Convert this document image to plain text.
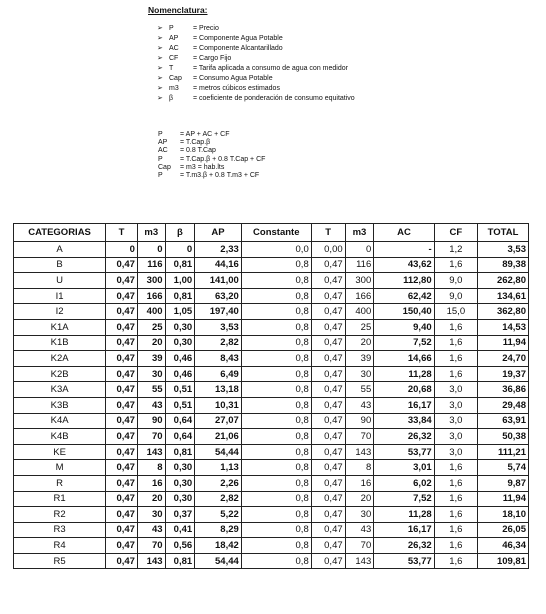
Nomenclatura:
➢ P	= Precio
➢ AP = Componente Agua Potable
➢ AC = Componente Alcantarillado
➢ CF = Cargo Fijo
➢ T	= Tarifa aplicada a consumo de agua con medidor
➢ Cap = Consumo Agua Potable
➢ m3 = metros cúbicos estimados
➢ β	= coeficiente de ponderación de consumo equitativo
P = AP + AC + CF
AP = T.Cap.β
AC = 0.8 T.Cap
P = T.Cap.β + 0.8 T.Cap + CF
Cap = m3 = hab.lts
P = T.m3.β + 0.8 T.m3 + CF
CATEGORIAS	T	m3	β	AP	Constante	T	m3	AC	CF	TOTAL
A	0	0	0	2,33	0,0	0,00	0	-	1,2	3,53
B	0,47	116	0,81	44,16	0,8	0,47	116	43,62	1,6	89,38
U	0,47	300	1,00	141,00	0,8	0,47	300	112,80	9,0	262,80
I1	0,47	166	0,81	63,20	0,8	0,47	166	62,42	9,0	134,61
I2	0,47	400	1,05	197,40	0,8	0,47	400	150,40	15,0	362,80
K1A	0,47	25	0,30	3,53	0,8	0,47	25	9,40	1,6	14,53
K1B	0,47	20	0,30	2,82	0,8	0,47	20	7,52	1,6	11,94
K2A	0,47	39	0,46	8,43	0,8	0,47	39	14,66	1,6	24,70
K2B	0,47	30	0,46	6,49	0,8	0,47	30	11,28	1,6	19,37
K3A	0,47	55	0,51	13,18	0,8	0,47	55	20,68	3,0	36,86
K3B	0,47	43	0,51	10,31	0,8	0,47	43	16,17	3,0	29,48
K4A	0,47	90	0,64	27,07	0,8	0,47	90	33,84	3,0	63,91
K4B	0,47	70	0,64	21,06	0,8	0,47	70	26,32	3,0	50,38
KE	0,47	143	0,81	54,44	0,8	0,47	143	53,77	3,0	111,21
M	0,47	8	0,30	1,13	0,8	0,47	8	3,01	1,6	5,74
R	0,47	16	0,30	2,26	0,8	0,47	16	6,02	1,6	9,87
R1	0,47	20	0,30	2,82	0,8	0,47	20	7,52	1,6	11,94
R2	0,47	30	0,37	5,22	0,8	0,47	30	11,28	1,6	18,10
R3	0,47	43	0,41	8,29	0,8	0,47	43	16,17	1,6	26,05
R4	0,47	70	0,56	18,42	0,8	0,47	70	26,32	1,6	46,34
R5	0,47	143	0,81	54,44	0,8	0,47	143	53,77	1,6	109,81
